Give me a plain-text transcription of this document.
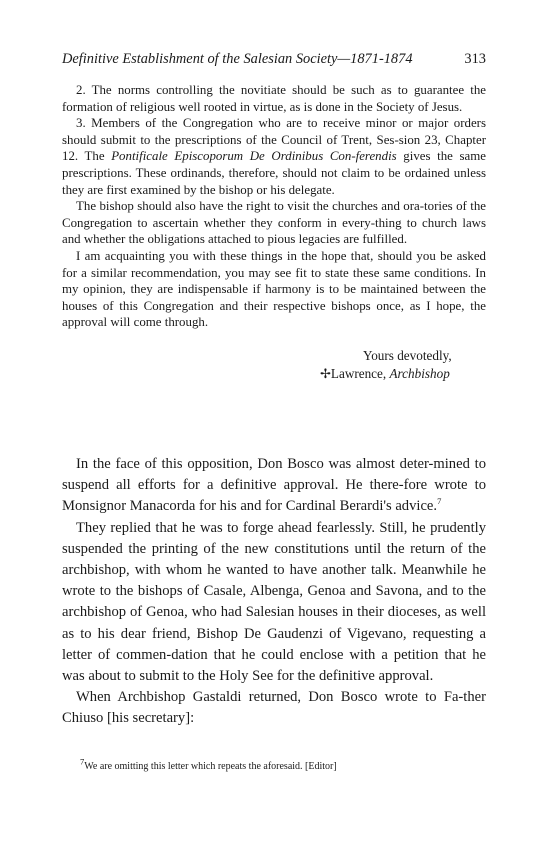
Definitive Establishment of the Salesian Society—1871-1874	313

2. The norms controlling the novitiate should be such as to guarantee the formation of religious well rooted in virtue, as is done in the Society of Jesus.

3. Members of the Congregation who are to receive minor or major orders should submit to the prescriptions of the Council of Trent, Ses-sion 23, Chapter 12. The Pontificale Episcoporum De Ordinibus Con-ferendis gives the same prescriptions. These ordinands, therefore, should not claim to be ordained unless they are first examined by the bishop or his delegate.

The bishop should also have the right to visit the churches and ora-tories of the Congregation to ascertain whether they conform in every-thing to church laws and whether the obligations attached to pious legacies are fulfilled.

I am acquainting you with these things in the hope that, should you be asked for a similar recommendation, you may see fit to state these same conditions. In my opinion, they are indispensable if harmony is to be maintained between the houses of this Congregation and their respective bishops once, as I hope, the approval will come through.

Yours devotedly,
✢Lawrence, Archbishop

In the face of this opposition, Don Bosco was almost deter-mined to suspend all efforts for a definitive approval. He there-fore wrote to Monsignor Manacorda for his and for Cardinal Berardi's advice.$^7$

They replied that he was to forge ahead fearlessly. Still, he prudently suspended the printing of the new constitutions until the return of the archbishop, with whom he wanted to have another talk. Meanwhile he wrote to the bishops of Casale, Albenga, Genoa and Savona, and to the archbishop of Genoa, who had Salesian houses in their dioceses, as well as to his dear friend, Bishop De Gaudenzi of Vigevano, requesting a letter of commen-dation that he could enclose with a petition that he was about to submit to the Holy See for the definitive approval.

When Archbishop Gastaldi returned, Don Bosco wrote to Fa-ther Chiuso [his secretary]:

$^7$We are omitting this letter which repeats the aforesaid. [Editor]
